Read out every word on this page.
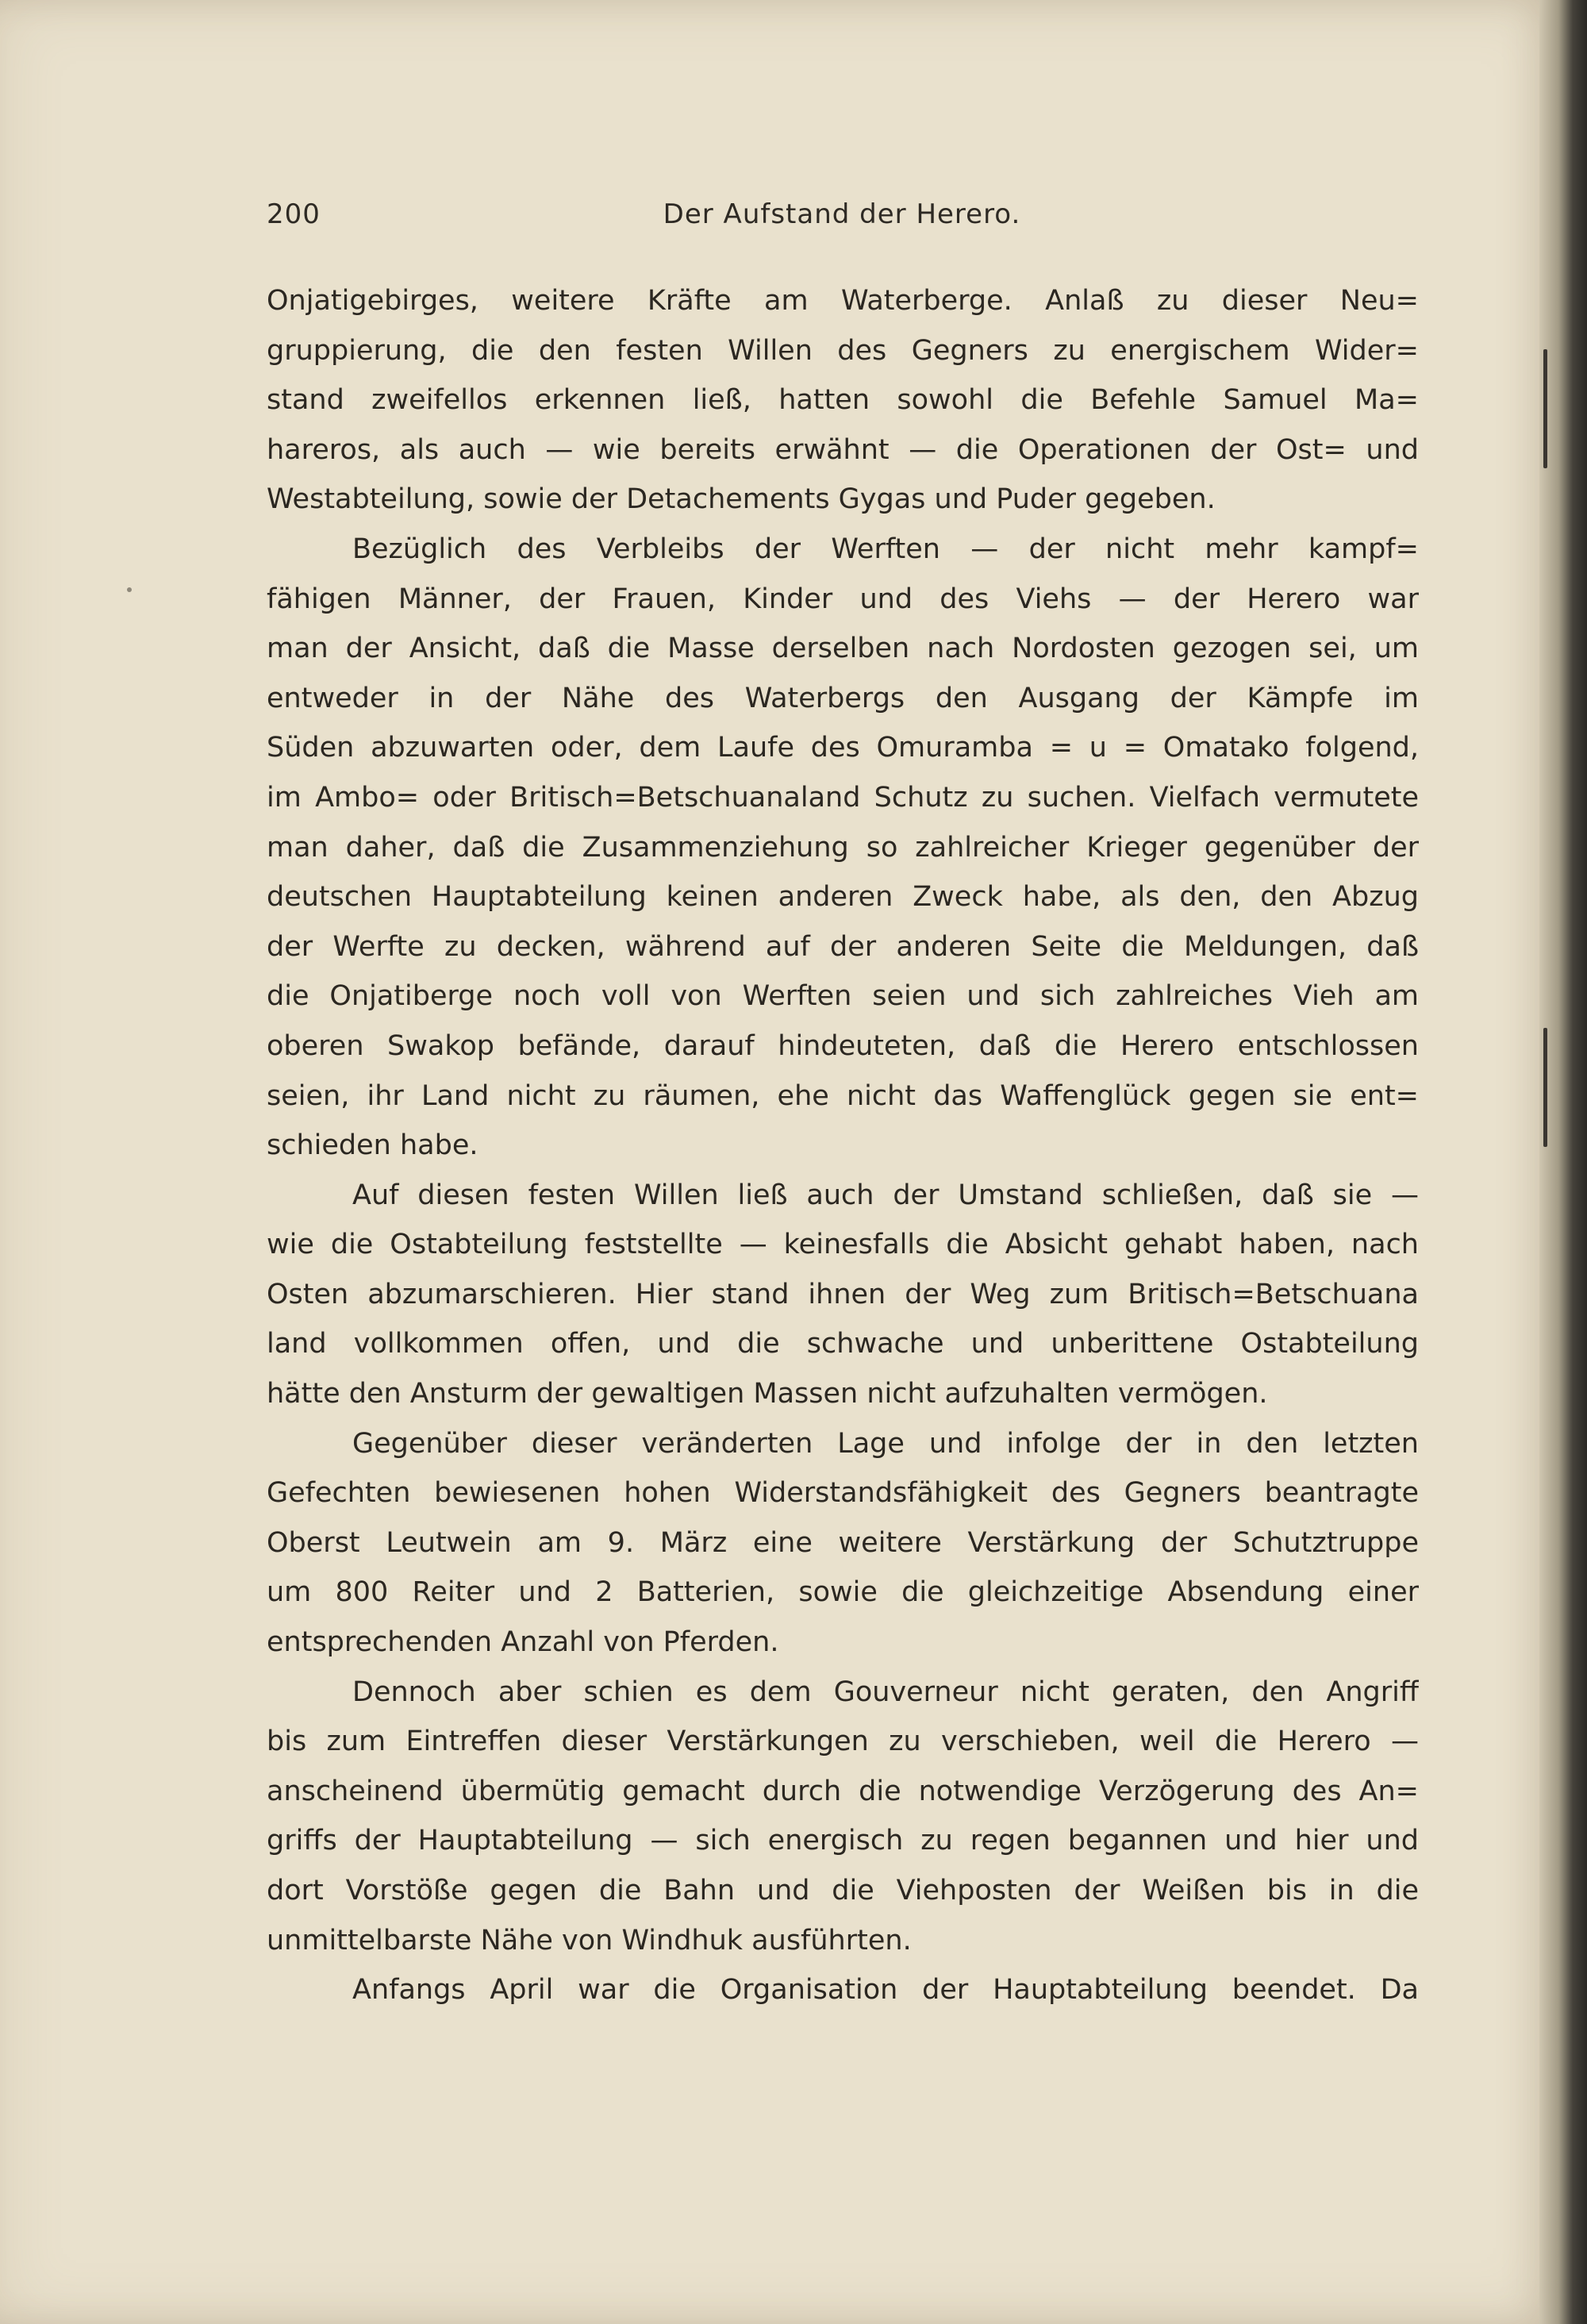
200	Der Aufstand der Herero.
Onjatigebirges, weitere Kräfte am Waterberge. Anlaß zu dieser Neu=
gruppierung, die den festen Willen des Gegners zu energischem Wider=
stand zweifellos erkennen ließ, hatten sowohl die Befehle Samuel Ma=
hareros, als auch — wie bereits erwähnt — die Operationen der Ost= und
Westabteilung, sowie der Detachements Gygas und Puder gegeben.
Bezüglich des Verbleibs der Werften — der nicht mehr kampf=
fähigen Männer, der Frauen, Kinder und des Viehs — der Herero war
man der Ansicht, daß die Masse derselben nach Nordosten gezogen sei, um
entweder in der Nähe des Waterbergs den Ausgang der Kämpfe im
Süden abzuwarten oder, dem Laufe des Omuramba = u = Omatako folgend,
im Ambo= oder Britisch=Betschuanaland Schutz zu suchen. Vielfach vermutete
man daher, daß die Zusammenziehung so zahlreicher Krieger gegenüber der
deutschen Hauptabteilung keinen anderen Zweck habe, als den, den Abzug
der Werfte zu decken, während auf der anderen Seite die Meldungen, daß
die Onjatiberge noch voll von Werften seien und sich zahlreiches Vieh am
oberen Swakop befände, darauf hindeuteten, daß die Herero entschlossen
seien, ihr Land nicht zu räumen, ehe nicht das Waffenglück gegen sie ent=
schieden habe.
Auf diesen festen Willen ließ auch der Umstand schließen, daß sie —
wie die Ostabteilung feststellte — keinesfalls die Absicht gehabt haben, nach
Osten abzumarschieren. Hier stand ihnen der Weg zum Britisch=Betschuana
land vollkommen offen, und die schwache und unberittene Ostabteilung
hätte den Ansturm der gewaltigen Massen nicht aufzuhalten vermögen.
Gegenüber dieser veränderten Lage und infolge der in den letzten
Gefechten bewiesenen hohen Widerstandsfähigkeit des Gegners beantragte
Oberst Leutwein am 9. März eine weitere Verstärkung der Schutztruppe
um 800 Reiter und 2 Batterien, sowie die gleichzeitige Absendung einer
entsprechenden Anzahl von Pferden.
Dennoch aber schien es dem Gouverneur nicht geraten, den Angriff
bis zum Eintreffen dieser Verstärkungen zu verschieben, weil die Herero —
anscheinend übermütig gemacht durch die notwendige Verzögerung des An=
griffs der Hauptabteilung — sich energisch zu regen begannen und hier und
dort Vorstöße gegen die Bahn und die Viehposten der Weißen bis in die
unmittelbarste Nähe von Windhuk ausführten.
Anfangs April war die Organisation der Hauptabteilung beendet. Da
